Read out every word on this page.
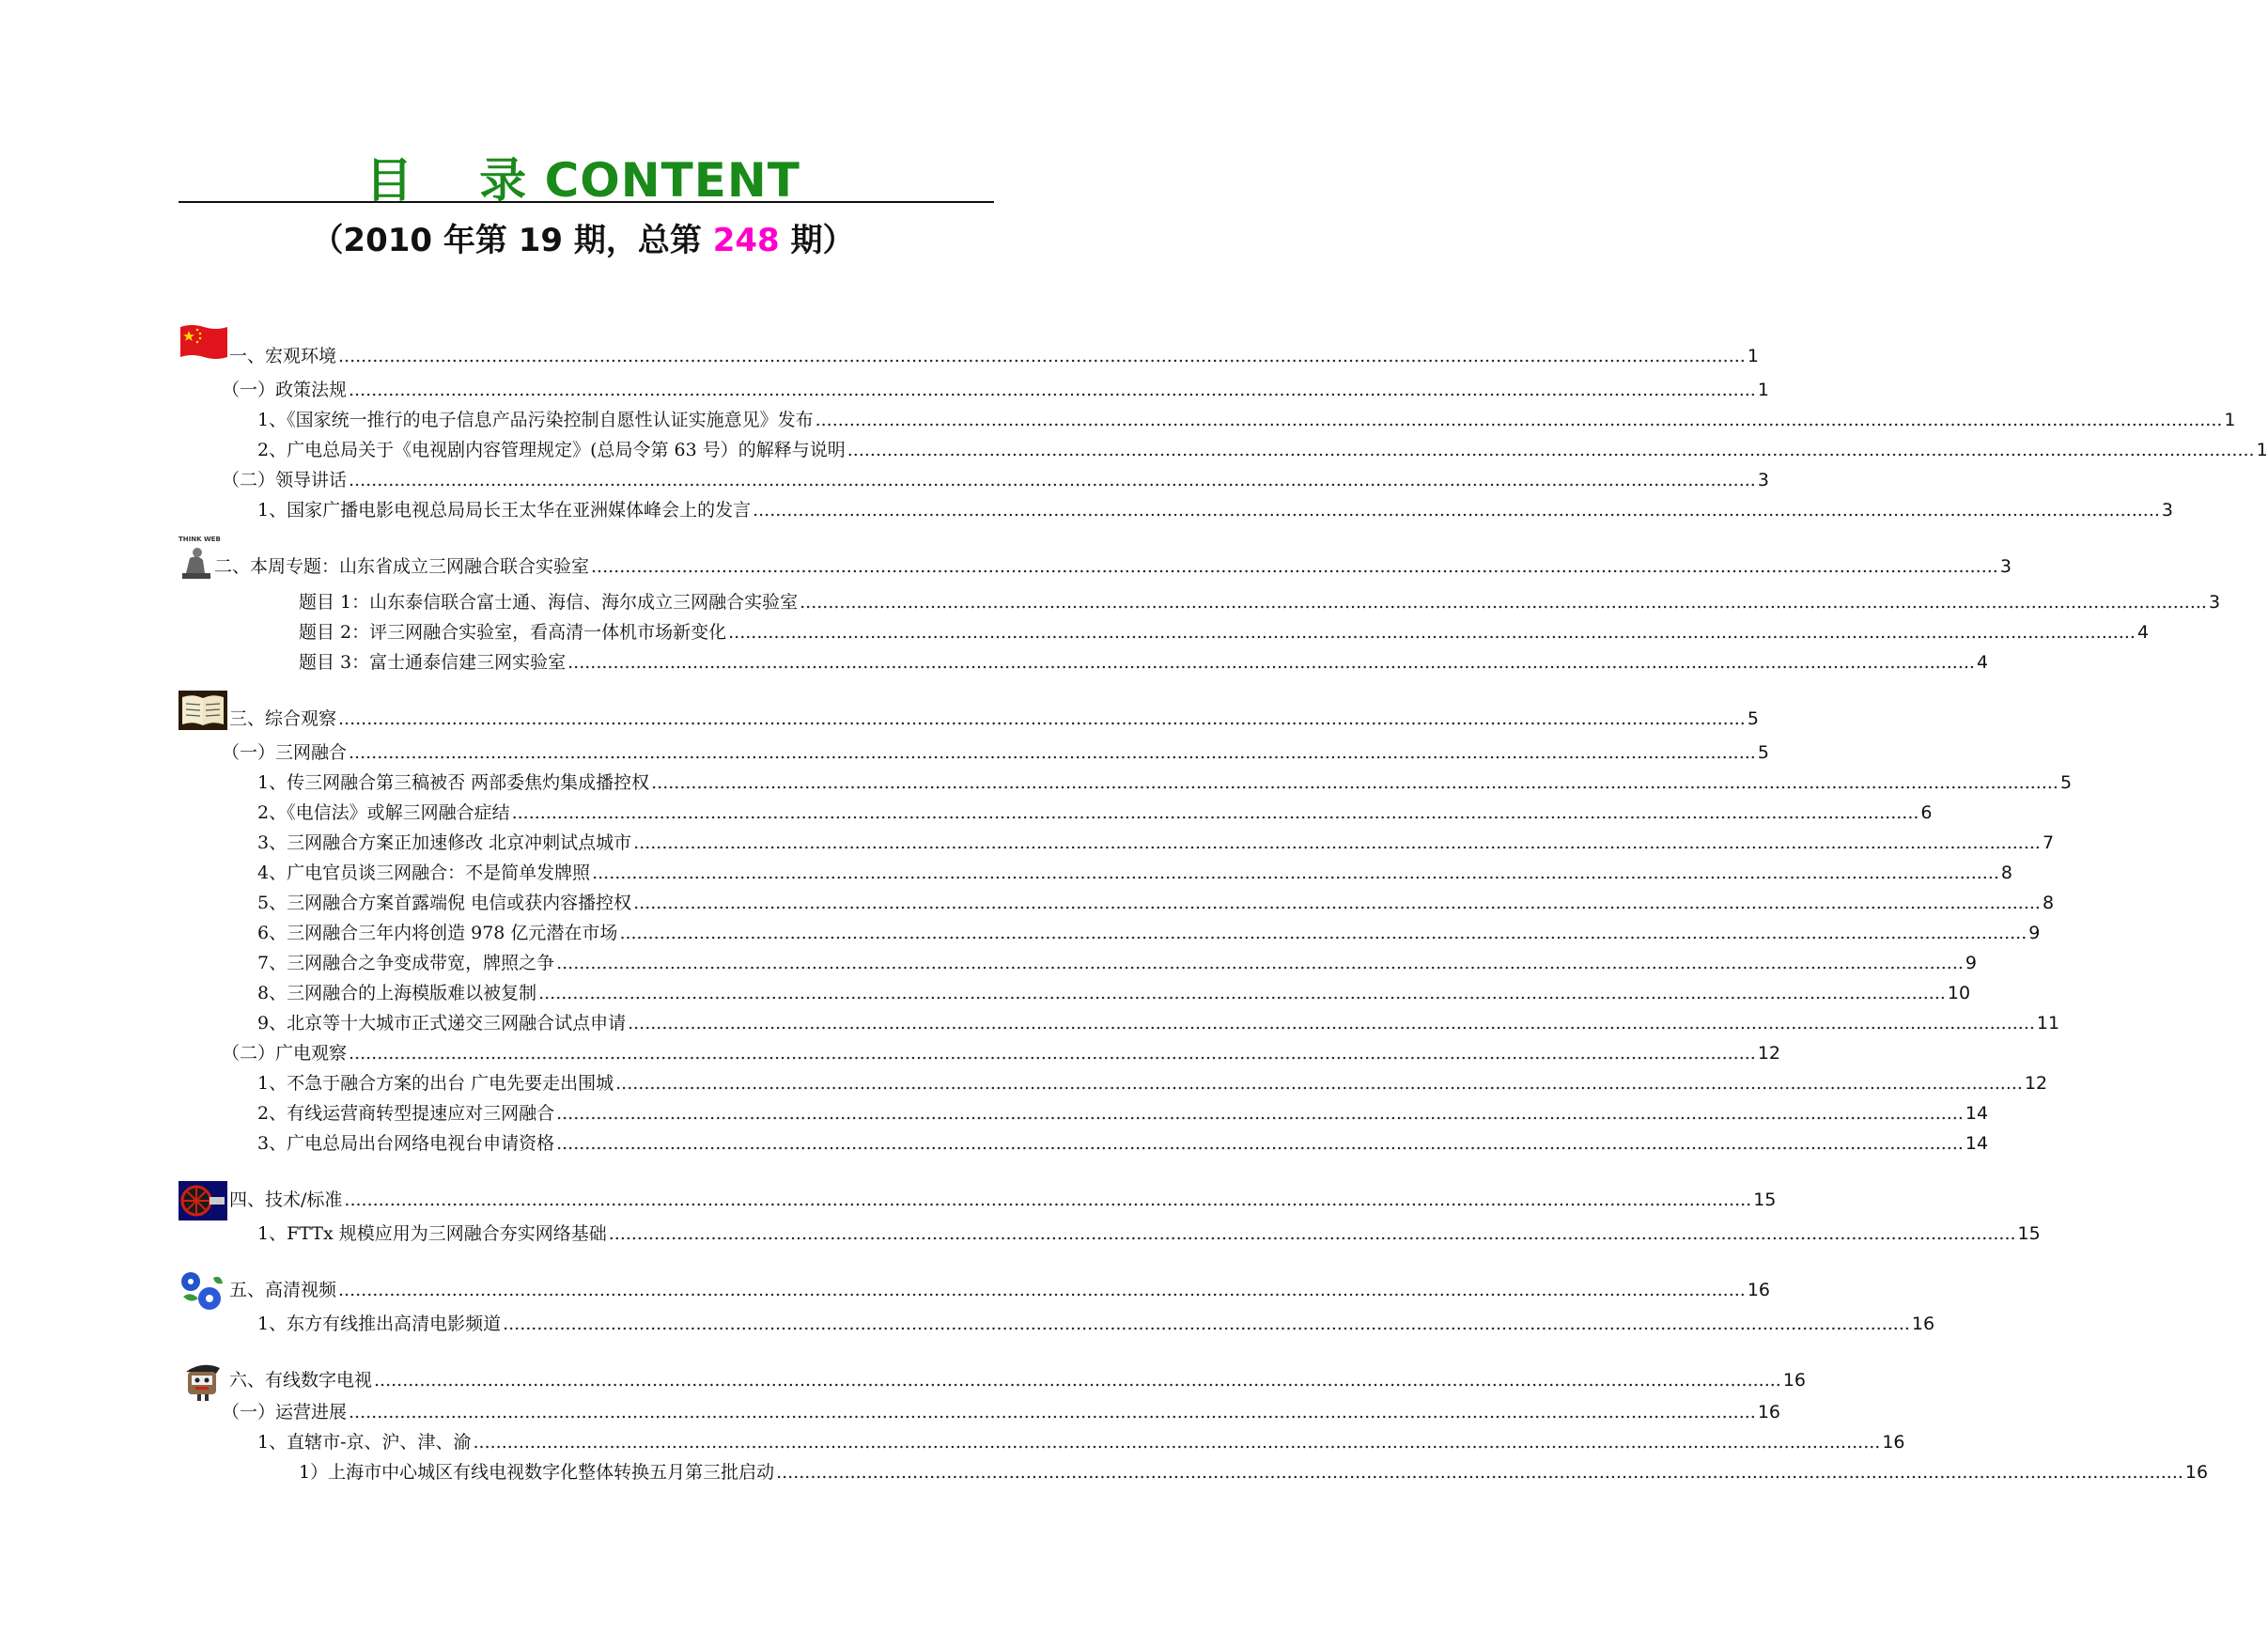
目 录 CONTENT
（2010 年第 19 期，总第 248 期）
THINK WEB
一、宏观环境 .....	1
（一）政策法规 .....	1
1、《国家统一推行的电子信息产品污染控制自愿性认证实施意见》发布 .....	1
2、广电总局关于《电视剧内容管理规定》(总局令第 63 号）的解释与说明 .....	1
（二）领导讲话 .....	3
1、国家广播电影电视总局局长王太华在亚洲媒体峰会上的发言 .....	3
二、本周专题：山东省成立三网融合联合实验室 .....	3
题目 1：山东泰信联合富士通、海信、海尔成立三网融合实验室 .....	3
题目 2：评三网融合实验室，看高清一体机市场新变化 .....	4
题目 3：富士通泰信建三网实验室 .....	4
三、综合观察 .....	5
（一）三网融合 .....	5
1、传三网融合第三稿被否 两部委焦灼集成播控权 .....	5
2、《电信法》或解三网融合症结 .....	6
3、三网融合方案正加速修改 北京冲刺试点城市 .....	7
4、广电官员谈三网融合：不是简单发牌照 .....	8
5、三网融合方案首露端倪 电信或获内容播控权 .....	8
6、三网融合三年内将创造 978 亿元潜在市场 .....	9
7、三网融合之争变成带宽，牌照之争 .....	9
8、三网融合的上海模版难以被复制 .....	10
9、北京等十大城市正式递交三网融合试点申请 .....	11
（二）广电观察 .....	12
1、不急于融合方案的出台 广电先要走出围城 .....	12
2、有线运营商转型提速应对三网融合 .....	14
3、广电总局出台网络电视台申请资格 .....	14
四、技术/标准 .....	15
1、FTTx 规模应用为三网融合夯实网络基础 .....	15
五、高清视频 .....	16
1、东方有线推出高清电影频道 .....	16
六、有线数字电视 .....	16
（一）运营进展 .....	16
1、直辖市-京、沪、津、渝 .....	16
1）上海市中心城区有线电视数字化整体转换五月第三批启动 .....	16
